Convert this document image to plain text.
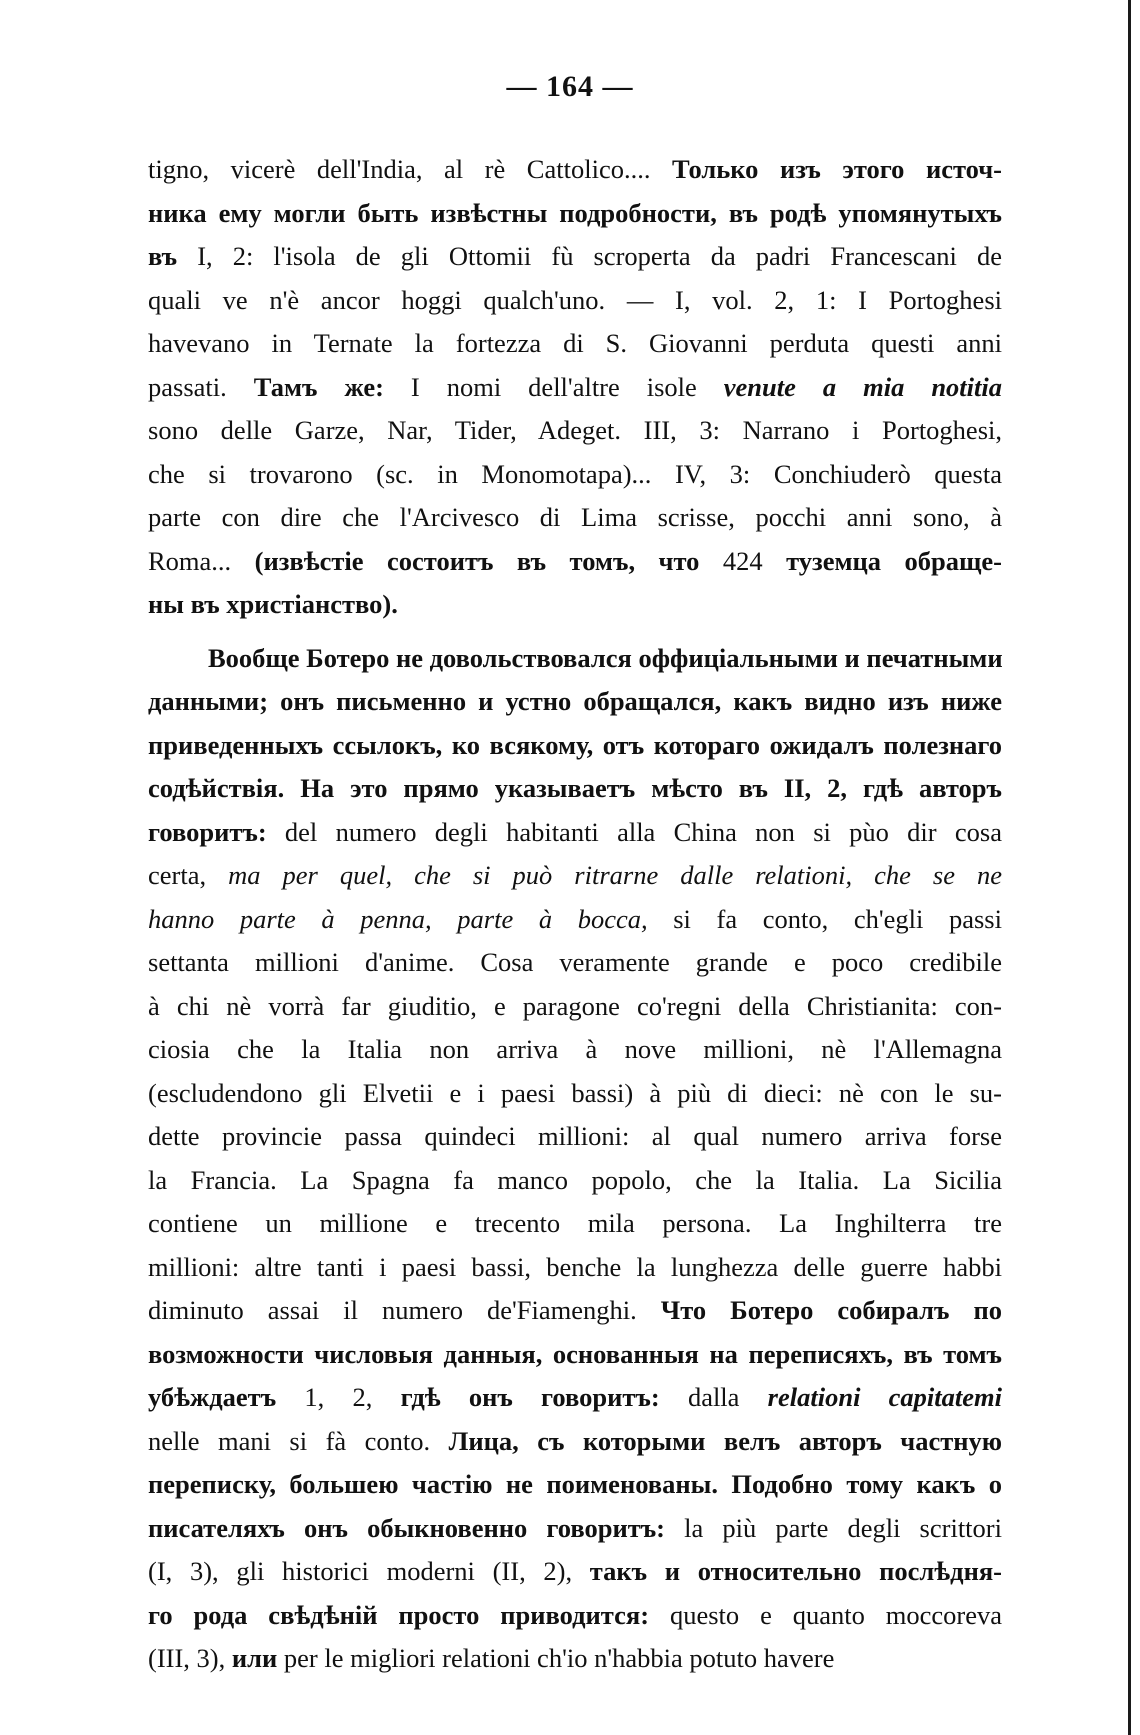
— 164 —
tigno, vicerè dell'India, al rè Cattolico.... Только изъ этого источ-
ника ему могли быть извѣстны подробности, въ родѣ упомянутыхъ
въ I, 2: l'isola de gli Ottomii fù scroperta da padri Francescani de
quali ve n'è ancor hoggi qualch'uno. — I, vol. 2, 1: I Portoghesi
havevano in Ternate la fortezza di S. Giovanni perduta questi anni
passati. Тамъ же: I nomi dell'altre isole venute a mia notitia
sono delle Garze, Nar, Tider, Adeget. III, 3: Narrano i Portoghesi,
che si trovarono (sc. in Monomotapa)... IV, 3: Conchiuderò questa
parte con dire che l'Arcivesco di Lima scrisse, pocchi anni sono, à
Roma... (извѣстіе состоитъ въ томъ, что 424 туземца обраще-
ны въ христіанство).
Вообще Ботеро не довольствовался оффиціальными и печатными
данными; онъ письменно и устно обращался, какъ видно изъ ниже
приведенныхъ ссылокъ, ко всякому, отъ котораго ожидалъ полезнаго
содѣйствія. На это прямо указываетъ мѣсто въ II, 2, гдѣ авторъ
говоритъ: del numero degli habitanti alla China non si pùo dir cosa
certa, ma per quel, che si può ritrarne dalle relationi, che se ne
hanno parte à penna, parte à bocca, si fa conto, ch'egli passi
settanta millioni d'anime. Cosa veramente grande e poco credibile
à chi nè vorrà far giuditio, e paragone co'regni della Christianita: con-
ciosia che la Italia non arriva à nove millioni, nè l'Allemagna
(escludendono gli Elvetii e i paesi bassi) à più di dieci: nè con le su-
dette provincie passa quindeci millioni: al qual numero arriva forse
la Francia. La Spagna fa manco popolo, che la Italia. La Sicilia
contiene un millione e trecento mila persona. La Inghilterra tre
millioni: altre tanti i paesi bassi, benche la lunghezza delle guerre habbi
diminuto assai il numero de'Fiamenghi. Что Ботеро собиралъ по
возможности числовыя данныя, основанныя на переписяхъ, въ томъ
убѣждаетъ 1, 2, гдѣ онъ говоритъ: dalla relationi capitatemi
nelle mani si fà conto. Лица, съ которыми велъ авторъ частную
переписку, большею частію не поименованы. Подобно тому какъ о
писателяхъ онъ обыкновенно говоритъ: la più parte degli scrittori
(I, 3), gli historici moderni (II, 2), такъ и относительно послѣдня-
го рода свѣдѣній просто приводится: questo e quanto moccoreva
(III, 3), или per le migliori relationi ch'io n'habbia potuto havere
